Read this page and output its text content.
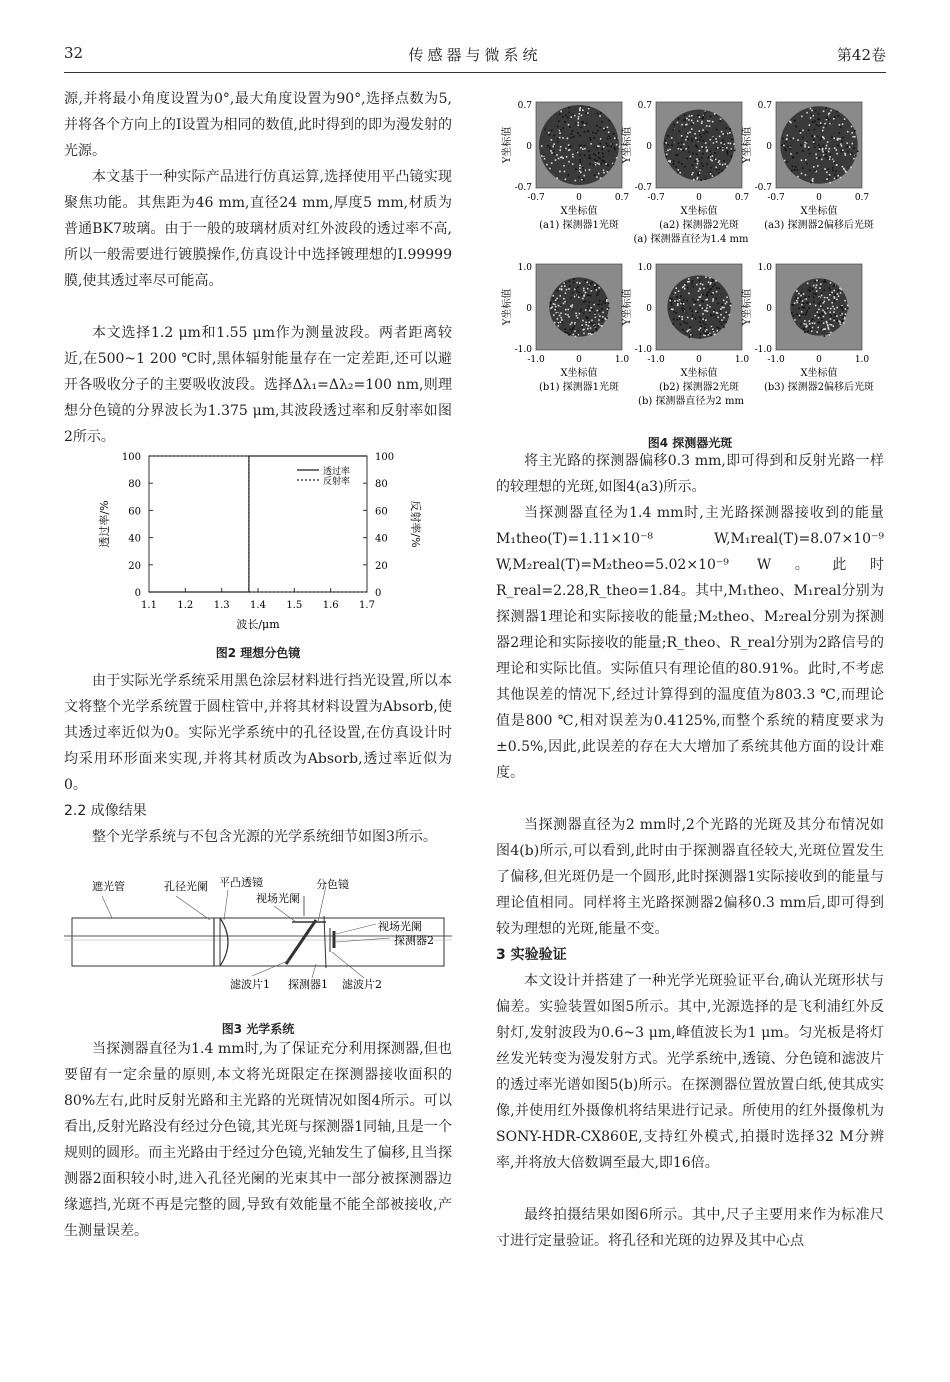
32	传感器与微系统	第42卷

源,并将最小角度设置为0°,最大角度设置为90°,选择点数为5,并将各个方向上的I设置为相同的数值,此时得到的即为漫发射的光源。

本文基于一种实际产品进行仿真运算,选择使用平凸镜实现聚焦功能。其焦距为46 mm,直径24 mm,厚度5 mm,材质为普通BK7玻璃。由于一般的玻璃材质对红外波段的透过率不高,所以一般需要进行镀膜操作,仿真设计中选择镀理想的I.99999膜,使其透过率尽可能高。

本文选择1.2 μm和1.55 μm作为测量波段。两者距离较近,在500~1 200 ℃时,黑体辐射能量存在一定差距,还可以避开各吸收分子的主要吸收波段。选择Δλ₁=Δλ₂=100 nm,则理想分色镜的分界波长为1.375 μm,其波段透过率和反射率如图2所示。

1.1 1.2 1.3 1.4 1.5 1.6 1.7
0	0
20	20
40	40
60	60
80	80
100	100
波长/μm
透过率/%	反射率/%
透过率
反射率

图2 理想分色镜

由于实际光学系统采用黑色涂层材料进行挡光设置,所以本文将整个光学系统置于圆柱管中,并将其材料设置为Absorb,使其透过率近似为0。实际光学系统中的孔径设置,在仿真设计时均采用环形面来实现,并将其材质改为Absorb,透过率近似为0。

2.2 成像结果

整个光学系统与不包含光源的光学系统细节如图3所示。

遮光管	孔径光阑 平凸透镜
视场光阑
分色镜
视场光阑
探测器2
滤波片1 探测器1 滤波片2

图3 光学系统

当探测器直径为1.4 mm时,为了保证充分利用探测器,但也要留有一定余量的原则,本文将光斑限定在探测器接收面积的80%左右,此时反射光路和主光路的光斑情况如图4所示。可以看出,反射光路没有经过分色镜,其光斑与探测器1同轴,且是一个规则的圆形。而主光路由于经过分色镜,光轴发生了偏移,且当探测器2面积较小时,进入孔径光阑的光束其中一部分被探测器边缘遮挡,光斑不再是完整的圆,导致有效能量不能全部被接收,产生测量误差。

0.7
0
-0.7
-0.7	0	0.7
Y坐标值
X坐标值
(a1) 探测器1光斑
0.7
0
-0.7
-0.7	0	0.7
Y坐标值
X坐标值
(a2) 探测器2光斑
0.7
0
-0.7
-0.7	0	0.7
Y坐标值
X坐标值
(a3) 探测器2偏移后光斑
(a) 探测器直径为1.4 mm
1.0
0
-1.0
-1.0	0	1.0
Y坐标值
X坐标值
(b1) 探测器1光斑
1.0
0
-1.0
-1.0	0	1.0
Y坐标值
X坐标值
(b2) 探测器2光斑
1.0
0
-1.0
-1.0	0	1.0
Y坐标值
X坐标值
(b3) 探测器2偏移后光斑
(b) 探测器直径为2 mm

图4 探测器光斑

将主光路的探测器偏移0.3 mm,即可得到和反射光路一样的较理想的光斑,如图4(a3)所示。

当探测器直径为1.4 mm时,主光路探测器接收到的能量M₁theo(T)=1.11×10⁻⁸ W,M₁real(T)=8.07×10⁻⁹ W,M₂real(T)=M₂theo=5.02×10⁻⁹ W。此时R_real=2.28,R_theo=1.84。其中,M₁theo、M₁real分别为探测器1理论和实际接收的能量;M₂theo、M₂real分别为探测器2理论和实际接收的能量;R_theo、R_real分别为2路信号的理论和实际比值。实际值只有理论值的80.91%。此时,不考虑其他误差的情况下,经过计算得到的温度值为803.3 ℃,而理论值是800 ℃,相对误差为0.4125%,而整个系统的精度要求为±0.5%,因此,此误差的存在大大增加了系统其他方面的设计难度。

当探测器直径为2 mm时,2个光路的光斑及其分布情况如图4(b)所示,可以看到,此时由于探测器直径较大,光斑位置发生了偏移,但光斑仍是一个圆形,此时探测器1实际接收到的能量与理论值相同。同样将主光路探测器2偏移0.3 mm后,即可得到较为理想的光斑,能量不变。

3 实验验证

本文设计并搭建了一种光学光斑验证平台,确认光斑形状与偏差。实验装置如图5所示。其中,光源选择的是飞利浦红外反射灯,发射波段为0.6~3 μm,峰值波长为1 μm。匀光板是将灯丝发光转变为漫发射方式。光学系统中,透镜、分色镜和滤波片的透过率光谱如图5(b)所示。在探测器位置放置白纸,使其成实像,并使用红外摄像机将结果进行记录。所使用的红外摄像机为SONY-HDR-CX860E,支持红外模式,拍摄时选择32 M分辨率,并将放大倍数调至最大,即16倍。

最终拍摄结果如图6所示。其中,尺子主要用来作为标准尺寸进行定量验证。将孔径和光斑的边界及其中心点
